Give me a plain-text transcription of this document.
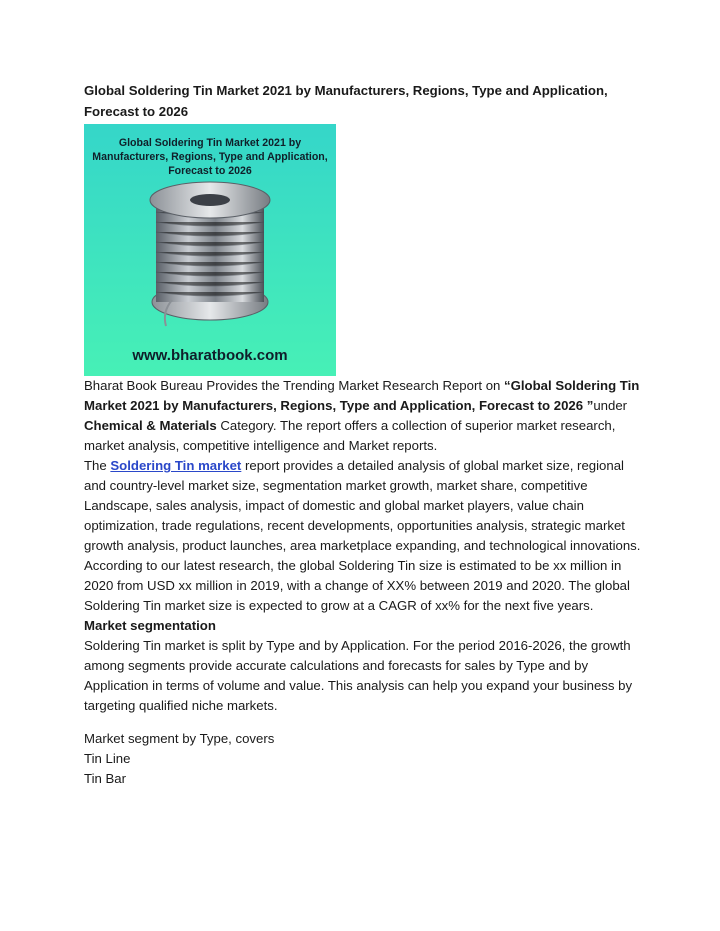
Global Soldering Tin Market 2021 by Manufacturers, Regions, Type and Application, Forecast to 2026
Global Soldering Tin Market 2021 by Manufacturers, Regions, Type and Application, Forecast to 2026
www.bharatbook.com

Bharat Book Bureau Provides the Trending Market Research Report on “Global Soldering Tin Market 2021 by Manufacturers, Regions, Type and Application, Forecast to 2026 ”under Chemical & Materials Category. The report offers a collection of superior market research, market analysis, competitive intelligence and Market reports.

The Soldering Tin market report provides a detailed analysis of global market size, regional and country-level market size, segmentation market growth, market share, competitive Landscape, sales analysis, impact of domestic and global market players, value chain optimization, trade regulations, recent developments, opportunities analysis, strategic market growth analysis, product launches, area marketplace expanding, and technological innovations.

According to our latest research, the global Soldering Tin size is estimated to be xx million in 2020 from USD xx million in 2019, with a change of XX% between 2019 and 2020. The global Soldering Tin market size is expected to grow at a CAGR of xx% for the next five years.

Market segmentation

Soldering Tin market is split by Type and by Application. For the period 2016-2026, the growth among segments provide accurate calculations and forecasts for sales by Type and by Application in terms of volume and value. This analysis can help you expand your business by targeting qualified niche markets.

Market segment by Type, covers
Tin Line
Tin Bar
